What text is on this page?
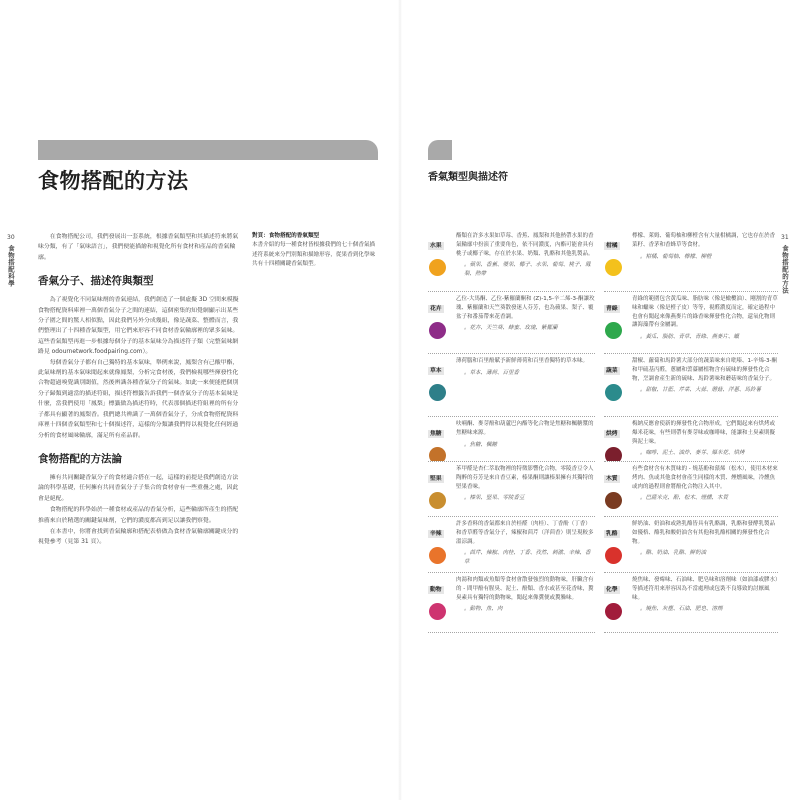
30
食物搭配科學
食物搭配的方法

在食物搭配公司，我們發展出一套系統，根據香氣類型和其描述符來將氣味分類，有了「氣味語言」，我們便能描繪和視覺化所有食材和產品的香氣輪廓。

香氣分子、描述符與類型

為了視覺化不同氣味劑的香氣連結，我們創造了一個虛擬 3D 空間來模擬食物搭配資料庫裡一萬個香氣分子之間的連結，這個密集的知覺網顯示出某些分子圍之間的驚人相似點，因此我們另外分成幾組，像是蔬菜、整體而言，我們整理出了十四種香氣類型，用它們來形容不同食材香氣輪廓裡的眾多氣味。這些香氣類型再進一步根據每個分子的基本氣味分為描述符子類（完整氣味網路見 odournetwork.foodpairing.com）。

每個香氣分子都有自己獨特的基本氣味，舉例來說，鳳梨含有己酸甲酯，此氣味劑的基本氣味聞起來就像鳳梨，分析完食材後，我們檢視哪些揮發性化合物超過嗅覺識別閾值，然後辨識各種香氣分子的氣味。如此一來便能把個別分子歸類到適當的描述符組，描述符標籤告訴我們一個香氣分子的基本氣味是什麼，當我們使用「鳳梨」標籤做為描述符時，代表那個描述符組裡的所有分子都具有顯著的鳳梨香。我們總共辨識了一萬個香氣分子，分成食物搭配資料庫裡十四個香氣類型和七十個描述符，這樣的分類讓我們得以視覺化任何經過分析的食材風味輪廓，滿足所有產品群。

食物搭配的方法論

擁有共同關鍵香氣分子的食材適合搭在一起，這樣的前提是我們創造方法論的科學基礎，任何擁有共同香氣分子子集合的食材會有一些重疊之處，因此會是絕配。

食物搭配的科學始於一種食材或產品的香氣分析，這些輪廓所產生的搭配推薦來自於精選的關鍵氣味劑，它們的濃度都高到足以讓我們察覺。

在本書中，你將會找到香氣輪廓和搭配表格做為食材香氣輪廓關鍵成分的視覺參考（見第 31 頁）。

對頁：食物搭配的香氣類型
本書介紹的每一種食材皆根據我們的七十個香氣描述符系統來分門別類和描繪形容，從果香到化學味共有十四種關鍵香氣類型。
香氣類型與描述符
水果

酯類在許多水果如草莓、香蕉、鳳梨和其他熱帶水果的香氣輪廓中扮演了重要角色，依不同濃度，內酯可能會具有桃子或椰子味，存在於水果、奶類、乳酪和其他乳製品。

。蘋果、香蕉、漿果、椰子、水果、葡萄、桃子、鳳梨、熱帶

花卉

乙位-大馬酮、乙位-紫羅蘭酮和 (Z)-1,5-辛二烯-3-酮讓玫瑰、紫羅蘭和天竺葵散發迷人芬芳，也為蘋果、梨子、覆盆子和番茄帶來花香調。

。花卉、天竺葵、蜂蜜、玫瑰、紫羅蘭

草本

薄荷腦和百里酚賦予新鮮薄荷和百里香獨特的草本味。

。草本、薄荷、百里香

焦糖

呋喃酮、麥芽酚和葫蘆巴內酯等化合物是焦糖和楓糖漿的焦糖味來源。

。焦糖、楓糖

堅果

苯甲醛是杏仁萃取物裡的特徵影響化合物，零陵香豆令人陶醉的芬芳是來自香豆素，榛果酮則讓榛果擁有其獨特的堅果香味。

。榛果、堅果、零陵香豆

辛辣

許多香料的香氣都來自於桂醛（肉桂）、丁香酚（丁香）和香草醛等香氣分子，辣椒和茴芹（洋茴香）則呈現較多溫涼調。

。茴芹、辣椒、肉桂、丁香、孜然、刺激、辛辣、香草

動物

肉湯和肉類或魚類等食材會散發強烈的動物味，肝臟含有的 - 間甲酚有腥臭、泥土、酚類、香水或甚至花香味，糞臭素具有獨特的動物味，聞起來像糞便或糞臊味。

。動物、魚、肉

柑橘

檸檬、萊姆、葡萄柚和柳橙含有大量柑橘調，它也存在於香菜籽、香茅和香蜂草等食材。

。柑橘、葡萄柚、檸檬、柳橙

青綠

青綠的範圍包含黃瓜味、脂肪味（像是橄欖油）、剛割的青草味和蠟味（像是橙子皮）等等，視醛濃度而定，確定過程中也會有聞起來像燕麥片的綠香味揮發性化合物，還氧化物則讓海藻帶有金屬調。

。黃瓜、脂肪、青草、青綠、燕麥片、蠟

蔬菜

甜椒、蘿蔔和馬鈴薯大部分的蔬菜味來自吡嗪、1-辛烯-3-酮和甲硫基丙醛，蔥屬和蕓薹屬植物含有硫味的揮發性化合物，烹調會產生新的硫味、馬鈴薯味和蘑菇味的香氣分子。

。甜椒、甘藍、芹菜、大蒜、蘑菇、洋蔥、馬鈴薯

烘烤

梅納反應會使新的揮發性化合物形成，它們聞起來有烘烤或爆米花味，有些則帶有麥芽味或咖啡味，能讓和土臭素則擬與泥土味。

。咖啡、泥土、油炸、麥芽、爆米花、烘烤

木質

有些食材含有木質味的 - 燒基酚和蒎烯（松木），使用木材來烤肉、魚或其他食材會產生同樣的木質、煙燻風味，冷燻魚或肉的過程則會將酚化合物注入其中。

。巴薩米克、酚、松木、煙燻、木質

乳酪

鮮奶油、奶油和或熟乳酪皆具有乳酪調，乳酪和發酵乳製品如優格、酪乳和酸奶油含有其他和乳酪相關的揮發性化合物。

。酪、奶油、乳酪、鮮奶油

化學

燒焦味、發霉味、石油味、肥皂味和溶劑味（如油漆或膠水）等描述符用來形容因為不當處理或包裝不良導致的討厭風味。

。燒焦、灰塵、石油、肥皂、溶劑

31
食物搭配的方法
